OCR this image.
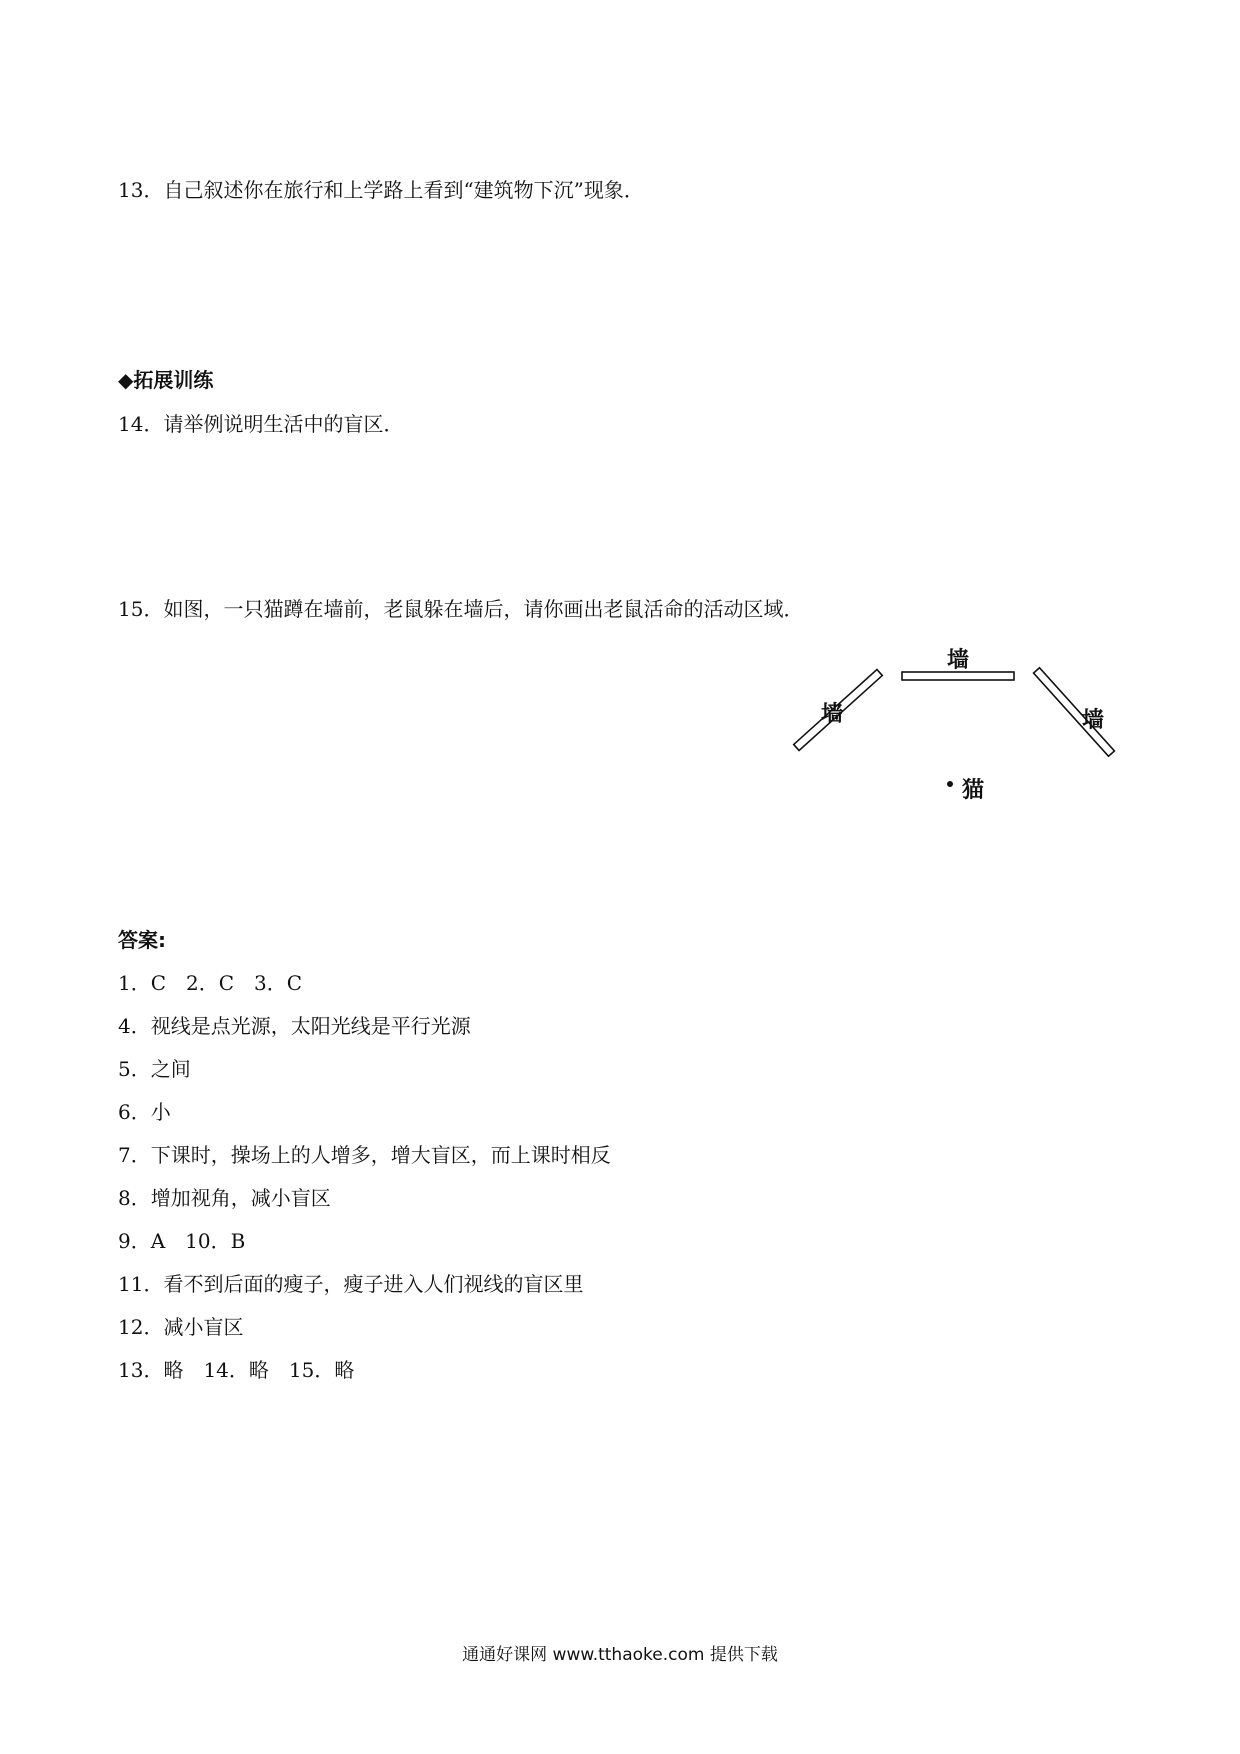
13．自己叙述你在旅行和上学路上看到“建筑物下沉”现象．
◆拓展训练
14．请举例说明生活中的盲区．
15．如图，一只猫蹲在墙前，老鼠躲在墙后，请你画出老鼠活命的活动区域．
墙
墙	墙
猫
答案:
1．C　2．C　3．C
4．视线是点光源，太阳光线是平行光源
5．之间
6．小
7．下课时，操场上的人增多，增大盲区，而上课时相反
8．增加视角，减小盲区
9．A　10．B
11．看不到后面的瘦子，瘦子进入人们视线的盲区里
12．减小盲区
13．略　14．略　15．略
通通好课网 www.tthaoke.com 提供下载
